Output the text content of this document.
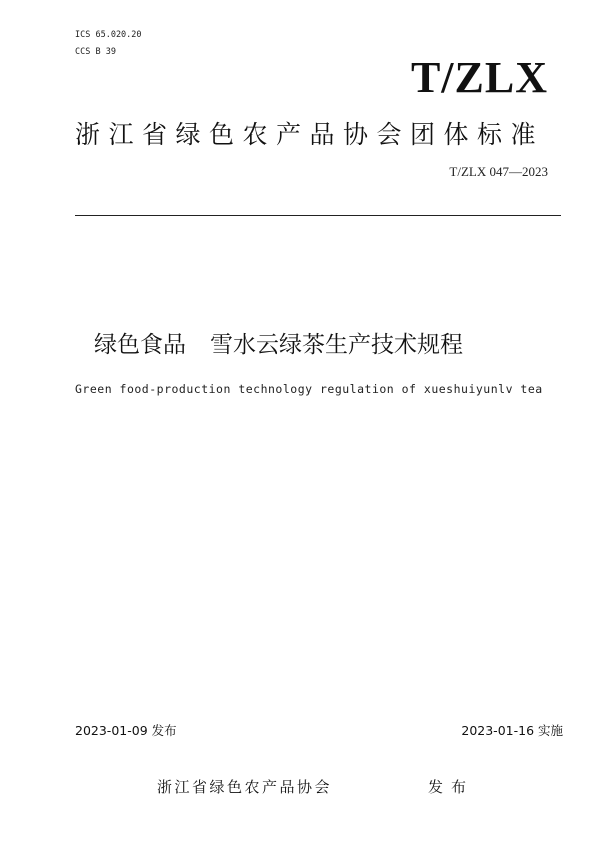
ICS 65.020.20
CCS B 39
T/ZLX
浙江省绿色农产品协会团体标准
T/ZLX 047—2023
绿色食品 雪水云绿茶生产技术规程
Green food-production technology regulation of xueshuiyunlv tea
2023-01-09 发布	2023-01-16 实施
浙江省绿色农产品协会	发布
